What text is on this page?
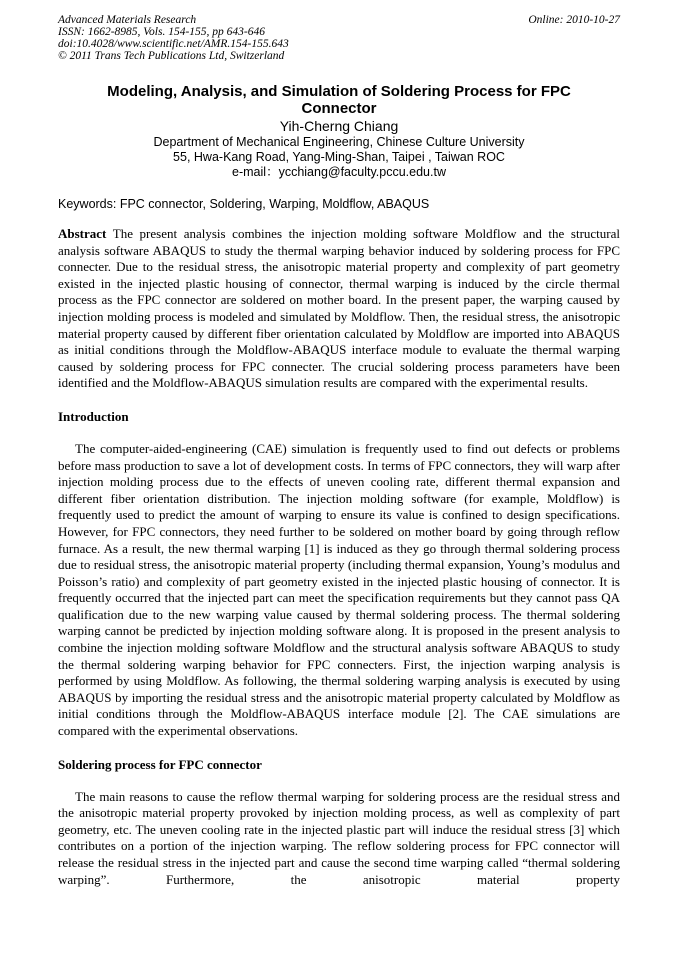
Advanced Materials Research
ISSN: 1662-8985, Vols. 154-155, pp 643-646
doi:10.4028/www.scientific.net/AMR.154-155.643
© 2011 Trans Tech Publications Ltd, Switzerland
Online: 2010-10-27
Modeling, Analysis, and Simulation of Soldering Process for FPC Connector
Yih-Cherng Chiang
Department of Mechanical Engineering, Chinese Culture University
55, Hwa-Kang Road, Yang-Ming-Shan, Taipei , Taiwan ROC
e-mail：ycchiang@faculty.pccu.edu.tw
Keywords: FPC connector, Soldering, Warping, Moldflow, ABAQUS
Abstract The present analysis combines the injection molding software Moldflow and the structural analysis software ABAQUS to study the thermal warping behavior induced by soldering process for FPC connecter. Due to the residual stress, the anisotropic material property and complexity of part geometry existed in the injected plastic housing of connector, thermal warping is induced by the circle thermal process as the FPC connector are soldered on mother board. In the present paper, the warping caused by injection molding process is modeled and simulated by Moldflow. Then, the residual stress, the anisotropic material property caused by different fiber orientation calculated by Moldflow are imported into ABAQUS as initial conditions through the Moldflow-ABAQUS interface module to evaluate the thermal warping caused by soldering process for FPC connecter. The crucial soldering process parameters have been identified and the Moldflow-ABAQUS simulation results are compared with the experimental results.
Introduction
The computer-aided-engineering (CAE) simulation is frequently used to find out defects or problems before mass production to save a lot of development costs. In terms of FPC connectors, they will warp after injection molding process due to the effects of uneven cooling rate, different thermal expansion and different fiber orientation distribution. The injection molding software (for example, Moldflow) is frequently used to predict the amount of warping to ensure its value is confined to design specifications. However, for FPC connectors, they need further to be soldered on mother board by going through reflow furnace. As a result, the new thermal warping [1] is induced as they go through thermal soldering process due to residual stress, the anisotropic material property (including thermal expansion, Young’s modulus and Poisson’s ratio) and complexity of part geometry existed in the injected plastic housing of connector. It is frequently occurred that the injected part can meet the specification requirements but they cannot pass QA qualification due to the new warping value caused by thermal soldering process. The thermal soldering warping cannot be predicted by injection molding software along. It is proposed in the present analysis to combine the injection molding software Moldflow and the structural analysis software ABAQUS to study the thermal soldering warping behavior for FPC connecters. First, the injection warping analysis is performed by using Moldflow. As following, the thermal soldering warping analysis is executed by using ABAQUS by importing the residual stress and the anisotropic material property calculated by Moldflow as initial conditions through the Moldflow-ABAQUS interface module [2]. The CAE simulations are compared with the experimental observations.
Soldering process for FPC connector
The main reasons to cause the reflow thermal warping for soldering process are the residual stress and the anisotropic material property provoked by injection molding process, as well as complexity of part geometry, etc. The uneven cooling rate in the injected plastic part will induce the residual stress [3] which contributes on a portion of the injection warping. The reflow soldering process for FPC connector will release the residual stress in the injected part and cause the second time warping called “thermal soldering warping”. Furthermore, the anisotropic material property
